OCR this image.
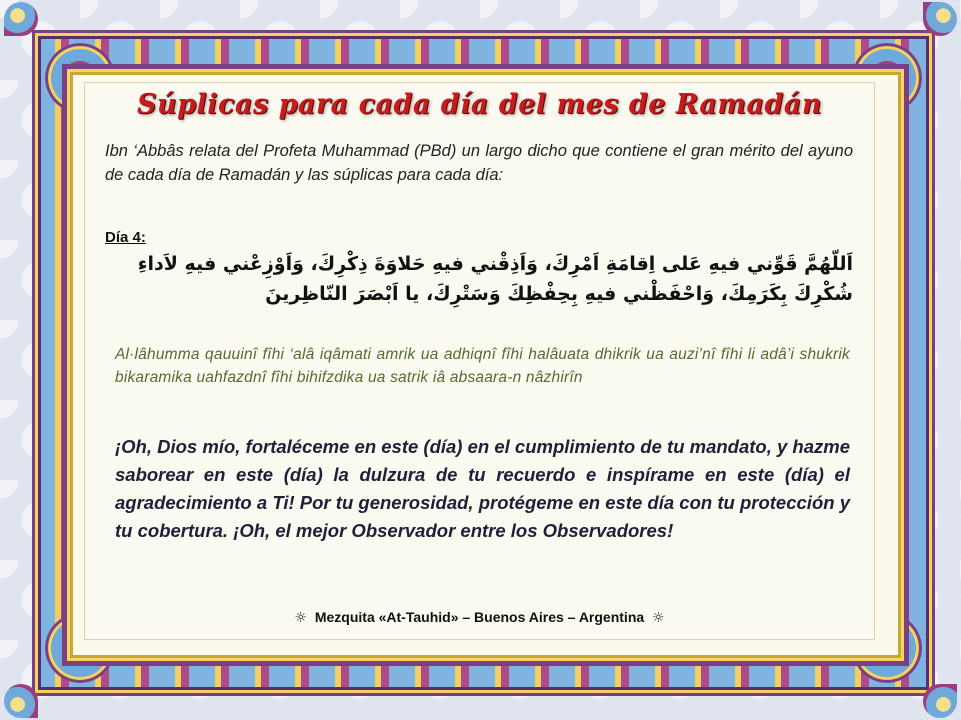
Súplicas para cada día del mes de Ramadán
Ibn ‘Abbâs relata del Profeta Muhammad (PBd) un largo dicho que contiene el gran mérito del ayuno de cada día de Ramadán y las súplicas para cada día:
Día 4:
اَللّهُمَّ قَوِّني فيهِ عَلى اِقامَةِ اَمْرِكَ، وَاَذِقْني فيهِ حَلاوَةَ ذِكْرِكَ، وَاَوْزِعْني فيهِ لاَداءِ شُكْرِكَ بِكَرَمِكَ، وَاحْفَظْني فيهِ بِحِفْظِكَ وَسَتْرِكَ، يا اَبْصَرَ النّاظِرينَ
Al·lâhumma qauuinî fîhi ‘alâ iqâmati amrik ua adhiqnî fîhi halâuata dhikrik ua auzi’nî fîhi li adâ’i shukrik bikaramika uahfazdnî fîhi bihifzdika ua satrik iâ absaara-n nâzhirîn
¡Oh, Dios mío, fortaléceme en este (día) en el cumplimiento de tu mandato, y hazme saborear en este (día) la dulzura de tu recuerdo e inspírame en este (día) el agradecimiento a Ti! Por tu generosidad, protégeme en este día con tu protección y tu cobertura. ¡Oh, el mejor Observador entre los Observadores!
☼ Mezquita «At-Tauhid» – Buenos Aires – Argentina ☼
